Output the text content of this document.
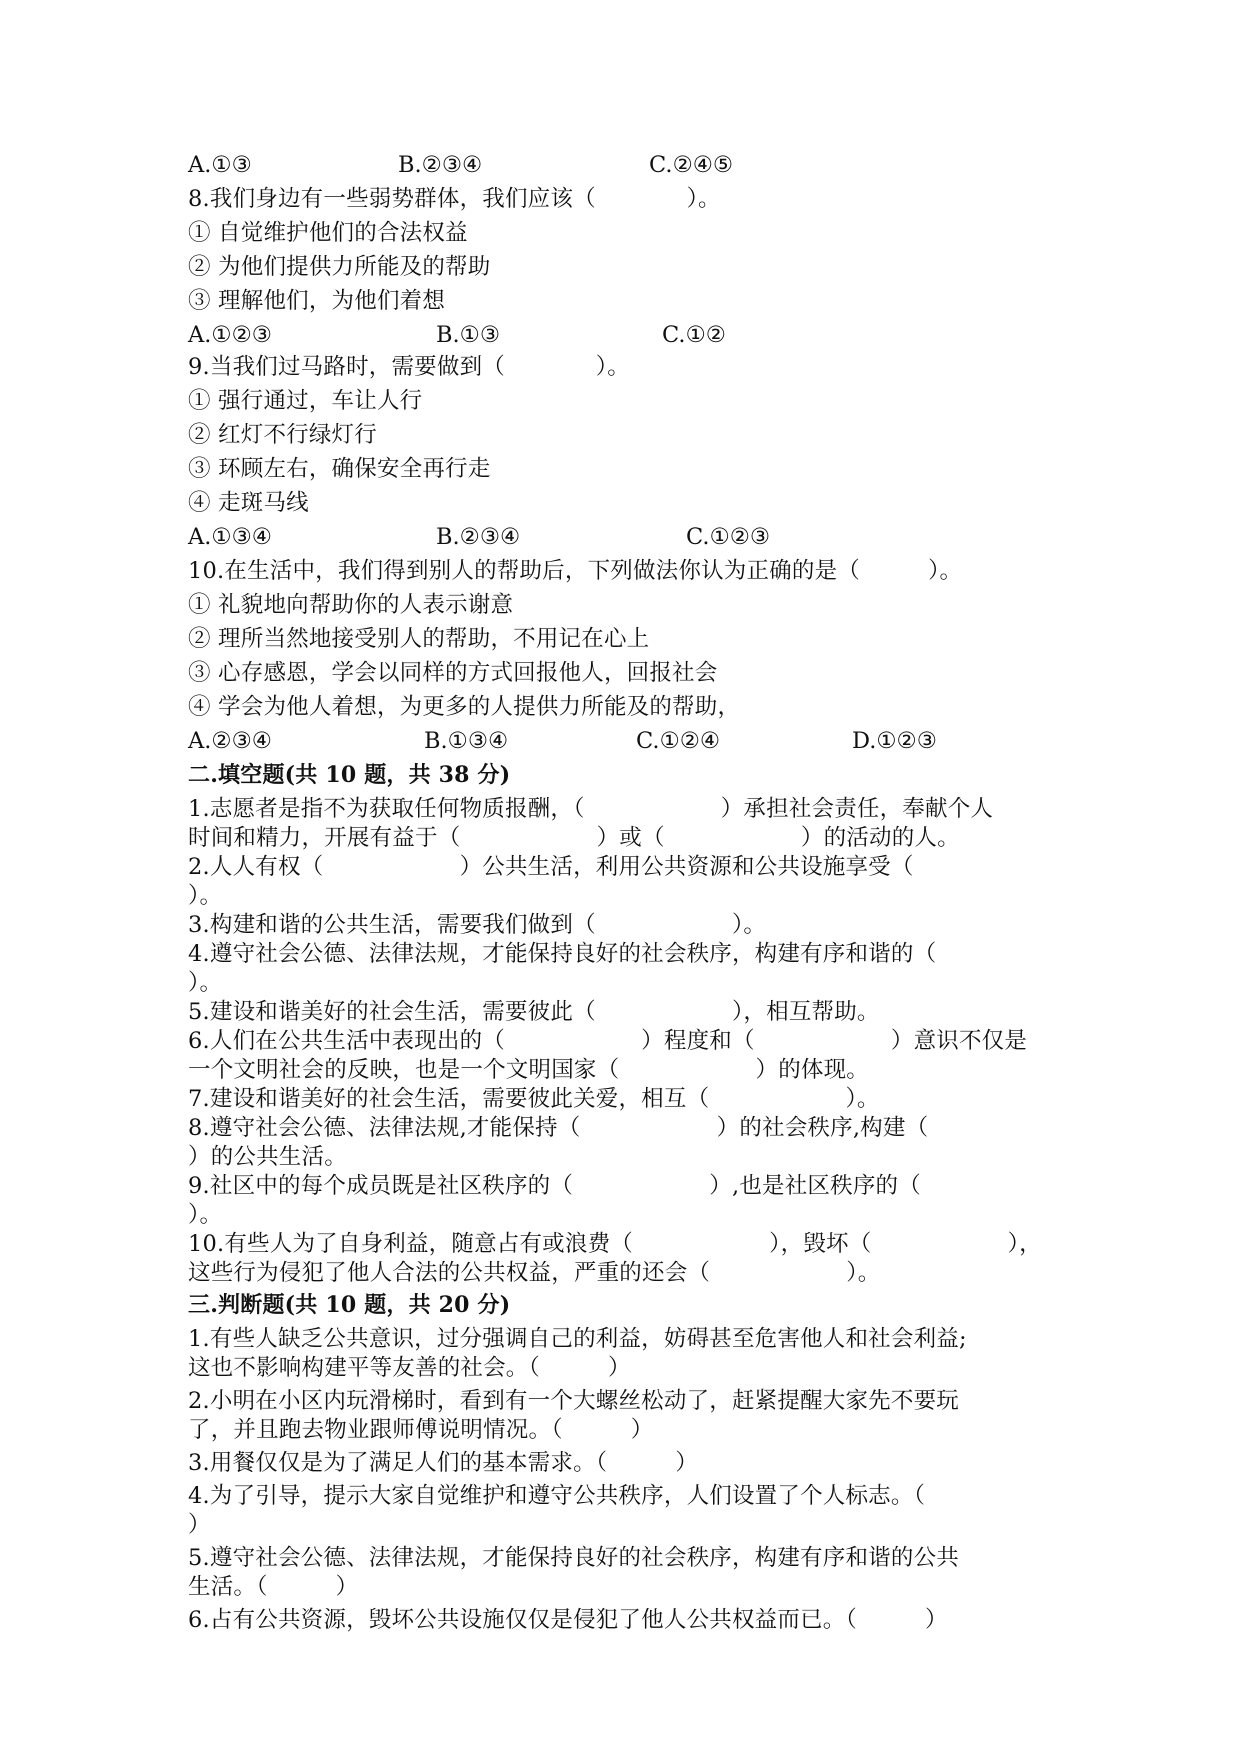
A.①③	B.②③④	C.②④⑤
8.我们身边有一些弱势群体，我们应该（　　　　）。
① 自觉维护他们的合法权益
② 为他们提供力所能及的帮助
③ 理解他们，为他们着想
A.①②③	B.①③	C.①②
9.当我们过马路时，需要做到（　　　　）。
① 强行通过，车让人行
② 红灯不行绿灯行
③ 环顾左右，确保安全再行走
④ 走斑马线
A.①③④	B.②③④	C.①②③
10.在生活中，我们得到别人的帮助后，下列做法你认为正确的是（　　　）。
① 礼貌地向帮助你的人表示谢意
② 理所当然地接受别人的帮助，不用记在心上
③ 心存感恩，学会以同样的方式回报他人，回报社会
④ 学会为他人着想，为更多的人提供力所能及的帮助，
A.②③④	B.①③④	C.①②④	D.①②③
二.填空题(共 10 题，共 38 分)
1.志愿者是指不为获取任何物质报酬，（　　　　　　）承担社会责任，奉献个人
时间和精力，开展有益于（　　　　　　）或（　　　　　　）的活动的人。
2.人人有权（　　　　　　）公共生活，利用公共资源和公共设施享受（
）。
3.构建和谐的公共生活，需要我们做到（　　　　　　）。
4.遵守社会公德、法律法规，才能保持良好的社会秩序，构建有序和谐的（
）。
5.建设和谐美好的社会生活，需要彼此（　　　　　　），相互帮助。
6.人们在公共生活中表现出的（　　　　　　）程度和（　　　　　　）意识不仅是
一个文明社会的反映，也是一个文明国家（　　　　　　）的体现。
7.建设和谐美好的社会生活，需要彼此关爱，相互（　　　　　　）。
8.遵守社会公德、法律法规,才能保持（　　　　　　）的社会秩序,构建（
）的公共生活。
9.社区中的每个成员既是社区秩序的（　　　　　　）,也是社区秩序的（
）。
10.有些人为了自身利益，随意占有或浪费（　　　　　　），毁坏（　　　　　　），
这些行为侵犯了他人合法的公共权益，严重的还会（　　　　　　）。
三.判断题(共 10 题，共 20 分)
1.有些人缺乏公共意识，过分强调自己的利益，妨碍甚至危害他人和社会利益;
这也不影响构建平等友善的社会。（　　　）
2.小明在小区内玩滑梯时，看到有一个大螺丝松动了，赶紧提醒大家先不要玩
了，并且跑去物业跟师傅说明情况。（　　　）
3.用餐仅仅是为了满足人们的基本需求。（　　　）
4.为了引导，提示大家自觉维护和遵守公共秩序，人们设置了个人标志。（
）
5.遵守社会公德、法律法规，才能保持良好的社会秩序，构建有序和谐的公共
生活。（　　　）
6.占有公共资源，毁坏公共设施仅仅是侵犯了他人公共权益而已。（　　　）
